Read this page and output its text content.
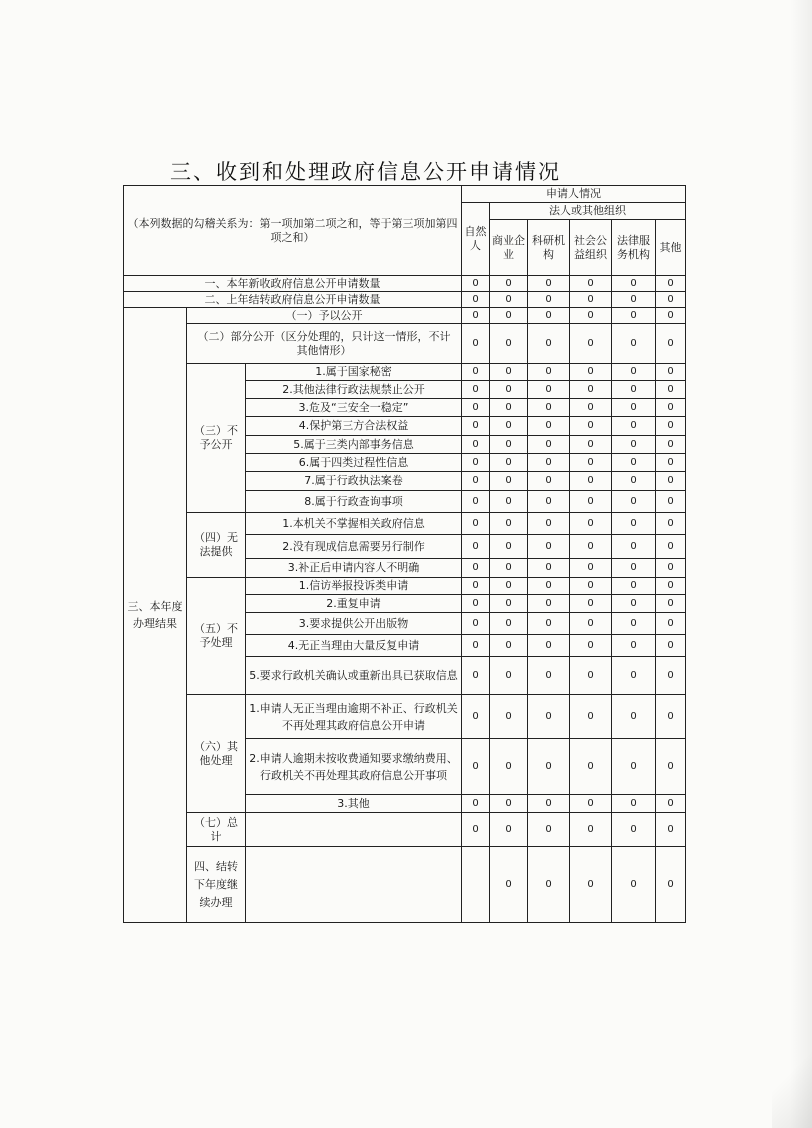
三、收到和处理政府信息公开申请情况
（本列数据的勾稽关系为：第一项加第二项之和，等于第三项加第四项之和）			申请人情况						
			自然人	法人或其他组织					
				商业企业	科研机构	社会公益组织	法律服务机构	其他	

一、本年新收政府信息公开申请数量			0	0	0	0	0	0	
二、上年结转政府信息公开申请数量			0	0	0	0	0	0	
三、本年度办理结果	（一）予以公开		0	0	0	0	0	0	
	（二）部分公开（区分处理的，只计这一情形，不计其他情形）		0	0	0	0	0	0	
	（三）不予公开	1.属于国家秘密	0	0	0	0	0	0	
		2.其他法律行政法规禁止公开	0	0	0	0	0	0	
		3.危及“三安全一稳定”	0	0	0	0	0	0	
		4.保护第三方合法权益	0	0	0	0	0	0	
		5.属于三类内部事务信息	0	0	0	0	0	0	
		6.属于四类过程性信息	0	0	0	0	0	0	
		7.属于行政执法案卷	0	0	0	0	0	0	
		8.属于行政查询事项	0	0	0	0	0	0	
	（四）无法提供	1.本机关不掌握相关政府信息	0	0	0	0	0	0	
		2.没有现成信息需要另行制作	0	0	0	0	0	0	
		3.补正后申请内容人不明确	0	0	0	0	0	0	
	（五）不予处理	1.信访举报投诉类申请	0	0	0	0	0	0	
		2.重复申请	0	0	0	0	0	0	
		3.要求提供公开出版物	0	0	0	0	0	0	
		4.无正当理由大量反复申请	0	0	0	0	0	0	
		5.要求行政机关确认或重新出具已获取信息	0	0	0	0	0	0	
	（六）其他处理	1.申请人无正当理由逾期不补正、行政机关不再处理其政府信息公开申请	0	0	0	0	0	0	
		2.申请人逾期未按收费通知要求缴纳费用、行政机关不再处理其政府信息公开事项	0	0	0	0	0	0	
		3.其他	0	0	0	0	0	0	
	（七）总计		0	0	0	0	0	0	
	四、结转下年度继续办理			0	0	0	0	0	
